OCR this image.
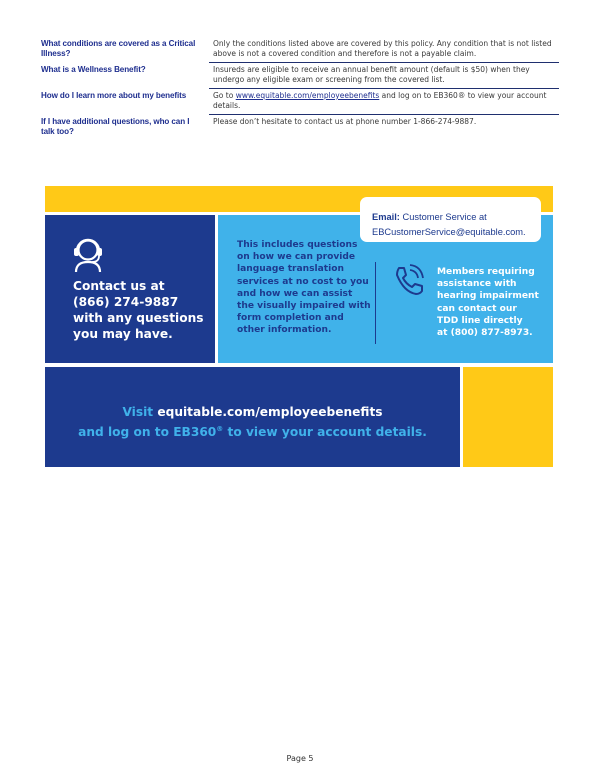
What conditions are covered as a Critical Illness?
Only the conditions listed above are covered by this policy. Any condition that is not listed above is not a covered condition and therefore is not a payable claim.
What is a Wellness Benefit?	Insureds are eligible to receive an annual benefit amount (default is $50) when they undergo any eligible exam or screening from the covered list.
How do I learn more about my benefits	Go to www.equitable.com/employeebenefits and log on to EB360® to view your account details.
If I have additional questions, who can I talk too?
Please don’t hesitate to contact us at phone number 1-866-274-9887.
Contact us at
(866) 274-9887
with any questions
you may have.
Email: Customer Service at
EBCustomerService@equitable.com.
This includes questions
on how we can provide
language translation
services at no cost to you
and how we can assist
the visually impaired with
form completion and
other information.
Members requiring
assistance with
hearing impairment
can contact our
TDD line directly
at (800) 877-8973.
Visit equitable.com/employeebenefits
and log on to EB360® to view your account details.
Page 5
